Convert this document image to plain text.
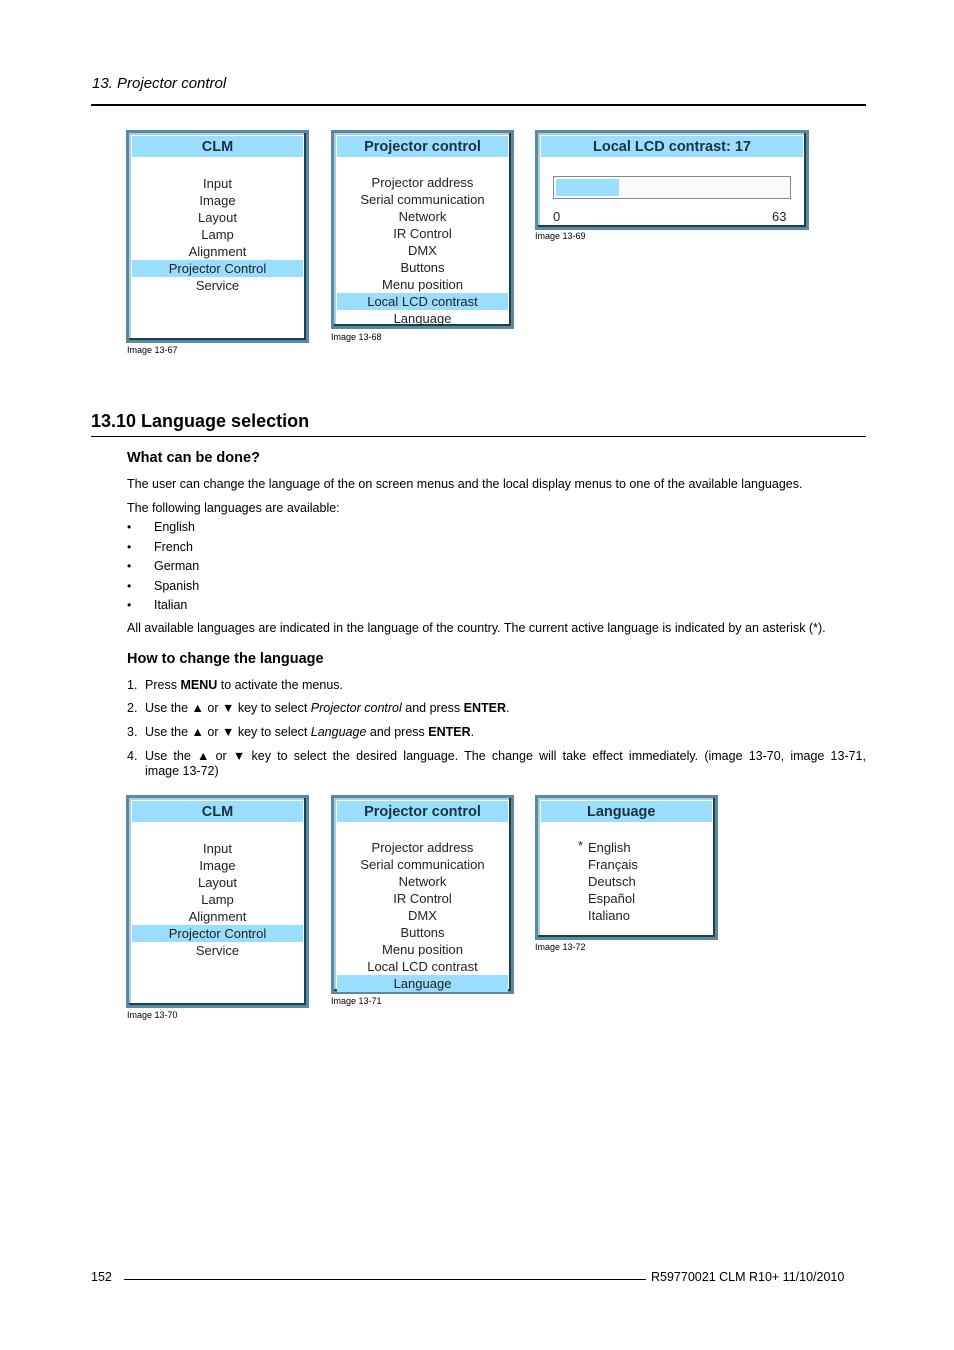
13. Projector control
CLM
Input
Image
Layout
Lamp
Alignment
Projector Control
Service
Image 13-67
Projector control
Projector address
Serial communication
Network
IR Control
DMX
Buttons
Menu position
Local LCD contrast
Language
Image 13-68
Local LCD contrast: 17
0	63
Image 13-69
13.10 Language selection
What can be done?
The user can change the language of the on screen menus and the local display menus to one of the available languages.
The following languages are available:
• English
• French
• German
• Spanish
• Italian
All available languages are indicated in the language of the country. The current active language is indicated by an asterisk (*).
How to change the language
1. Press MENU to activate the menus.
2. Use the ▲ or ▼ key to select Projector control and press ENTER.
3. Use the ▲ or ▼ key to select Language and press ENTER.
4. Use the ▲ or ▼ key to select the desired language. The change will take effect immediately. (image 13-70, image 13-71,
image 13-72)
CLM
Input
Image
Layout
Lamp
Alignment
Projector Control
Service
Image 13-70
Projector control
Projector address
Serial communication
Network
IR Control
DMX
Buttons
Menu position
Local LCD contrast
Language
Image 13-71
Language
* English
Français
Deutsch
Español
Italiano
Image 13-72
152	R59770021 CLM R10+ 11/10/2010
